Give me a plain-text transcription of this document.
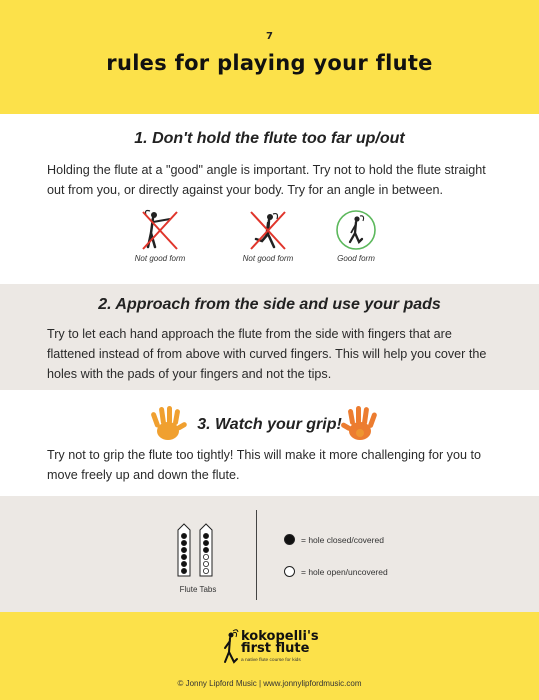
7
rules for playing your flute
1. Don't hold the flute too far up/out
Holding the flute at a "good" angle is important. Try not to hold the flute straight out from you, or directly against your body. Try for an angle in between.
Not good form	Not good form	Good form
2. Approach from the side and use your pads
Try to let each hand approach the flute from the side with fingers that are flattened instead of from above with curved fingers. This will help you cover the holes with the pads of your fingers and not the tips.
3. Watch your grip!
Try not to grip the flute too tightly! This will make it more challenging for you to move freely up and down the flute.
Flute Tabs
= hole closed/covered
= hole open/uncovered
kokopelli's
first flute
a native flute course for kids
© Jonny Lipford Music | www.jonnylipfordmusic.com
